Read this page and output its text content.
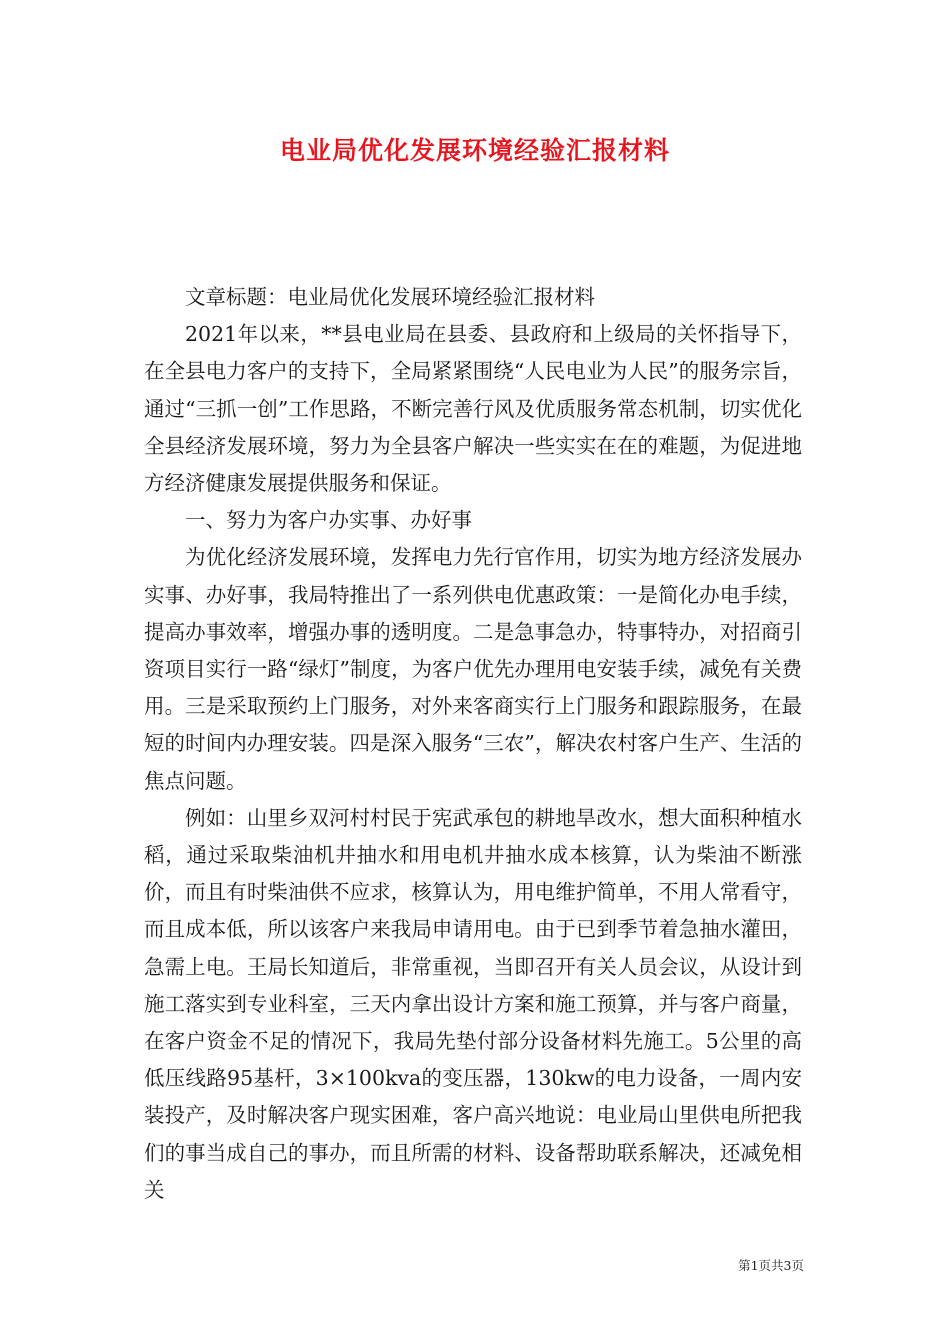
电业局优化发展环境经验汇报材料

文章标题：电业局优化发展环境经验汇报材料

2021年以来，**县电业局在县委、县政府和上级局的关怀指导下，在全县电力客户的支持下，全局紧紧围绕“人民电业为人民”的服务宗旨，通过“三抓一创”工作思路，不断完善行风及优质服务常态机制，切实优化全县经济发展环境，努力为全县客户解决一些实实在在的难题，为促进地方经济健康发展提供服务和保证。

一、努力为客户办实事、办好事

为优化经济发展环境，发挥电力先行官作用，切实为地方经济发展办实事、办好事，我局特推出了一系列供电优惠政策：一是简化办电手续，提高办事效率，增强办事的透明度。二是急事急办，特事特办，对招商引资项目实行一路“绿灯”制度，为客户优先办理用电安装手续，减免有关费用。三是采取预约上门服务，对外来客商实行上门服务和跟踪服务，在最短的时间内办理安装。四是深入服务“三农”，解决农村客户生产、生活的焦点问题。

例如：山里乡双河村村民于宪武承包的耕地旱改水，想大面积种植水稻，通过采取柴油机井抽水和用电机井抽水成本核算，认为柴油不断涨价，而且有时柴油供不应求，核算认为，用电维护简单，不用人常看守，而且成本低，所以该客户来我局申请用电。由于已到季节着急抽水灌田，急需上电。王局长知道后，非常重视，当即召开有关人员会议，从设计到施工落实到专业科室，三天内拿出设计方案和施工预算，并与客户商量，在客户资金不足的情况下，我局先垫付部分设备材料先施工。5公里的高低压线路95基杆，3×100kva的变压器，130kw的电力设备，一周内安装投产，及时解决客户现实困难，客户高兴地说：电业局山里供电所把我们的事当成自己的事办，而且所需的材料、设备帮助联系解决，还减免相关

第1页共3页
